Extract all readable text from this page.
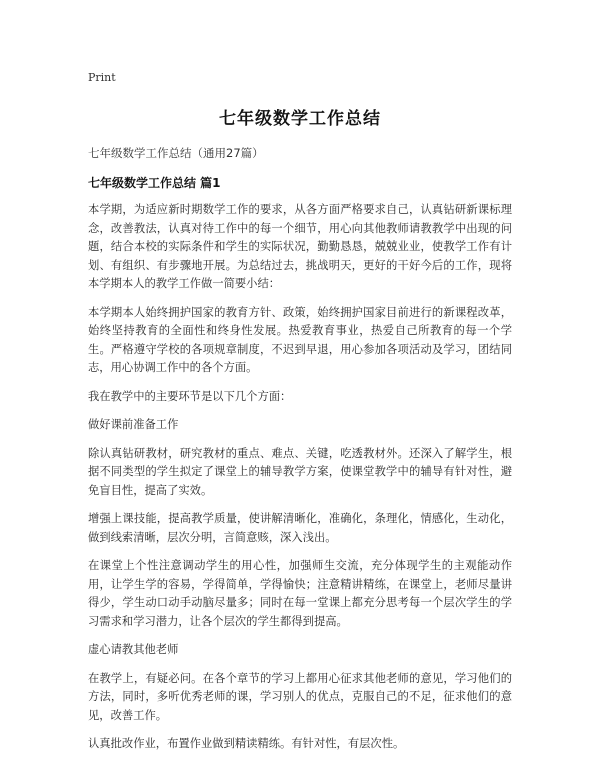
Print
七年级数学工作总结

七年级数学工作总结（通用27篇）

七年级数学工作总结 篇1

本学期，为适应新时期数学工作的要求，从各方面严格要求自己，认真钻研新课标理念，改善教法，认真对待工作中的每一个细节，用心向其他教师请教教学中出现的问题，结合本校的实际条件和学生的实际状况，勤勤恳恳，兢兢业业，使教学工作有计划、有组织、有步骤地开展。为总结过去，挑战明天，更好的干好今后的工作，现将本学期本人的教学工作做一简要小结：

本学期本人始终拥护国家的教育方针、政策，始终拥护国家目前进行的新课程改革，始终坚持教育的全面性和终身性发展。热爱教育事业，热爱自己所教育的每一个学生。严格遵守学校的各项规章制度，不迟到早退，用心参加各项活动及学习，团结同志，用心协调工作中的各个方面。

我在教学中的主要环节是以下几个方面：

做好课前准备工作

除认真钻研教材，研究教材的重点、难点、关键，吃透教材外。还深入了解学生，根据不同类型的学生拟定了课堂上的辅导教学方案，使课堂教学中的辅导有针对性，避免盲目性，提高了实效。

增强上课技能，提高教学质量，使讲解清晰化，准确化，条理化，情感化，生动化，做到线索清晰，层次分明，言简意赅，深入浅出。

在课堂上个性注意调动学生的用心性，加强师生交流，充分体现学生的主观能动作用，让学生学的容易，学得简单，学得愉快；注意精讲精练，在课堂上，老师尽量讲得少，学生动口动手动脑尽量多；同时在每一堂课上都充分思考每一个层次学生的学习需求和学习潜力，让各个层次的学生都得到提高。

虚心请教其他老师

在教学上，有疑必问。在各个章节的学习上都用心征求其他老师的意见，学习他们的方法，同时，多听优秀老师的课，学习别人的优点，克服自己的不足，征求他们的意见，改善工作。

认真批改作业，布置作业做到精读精练。有针对性，有层次性。
